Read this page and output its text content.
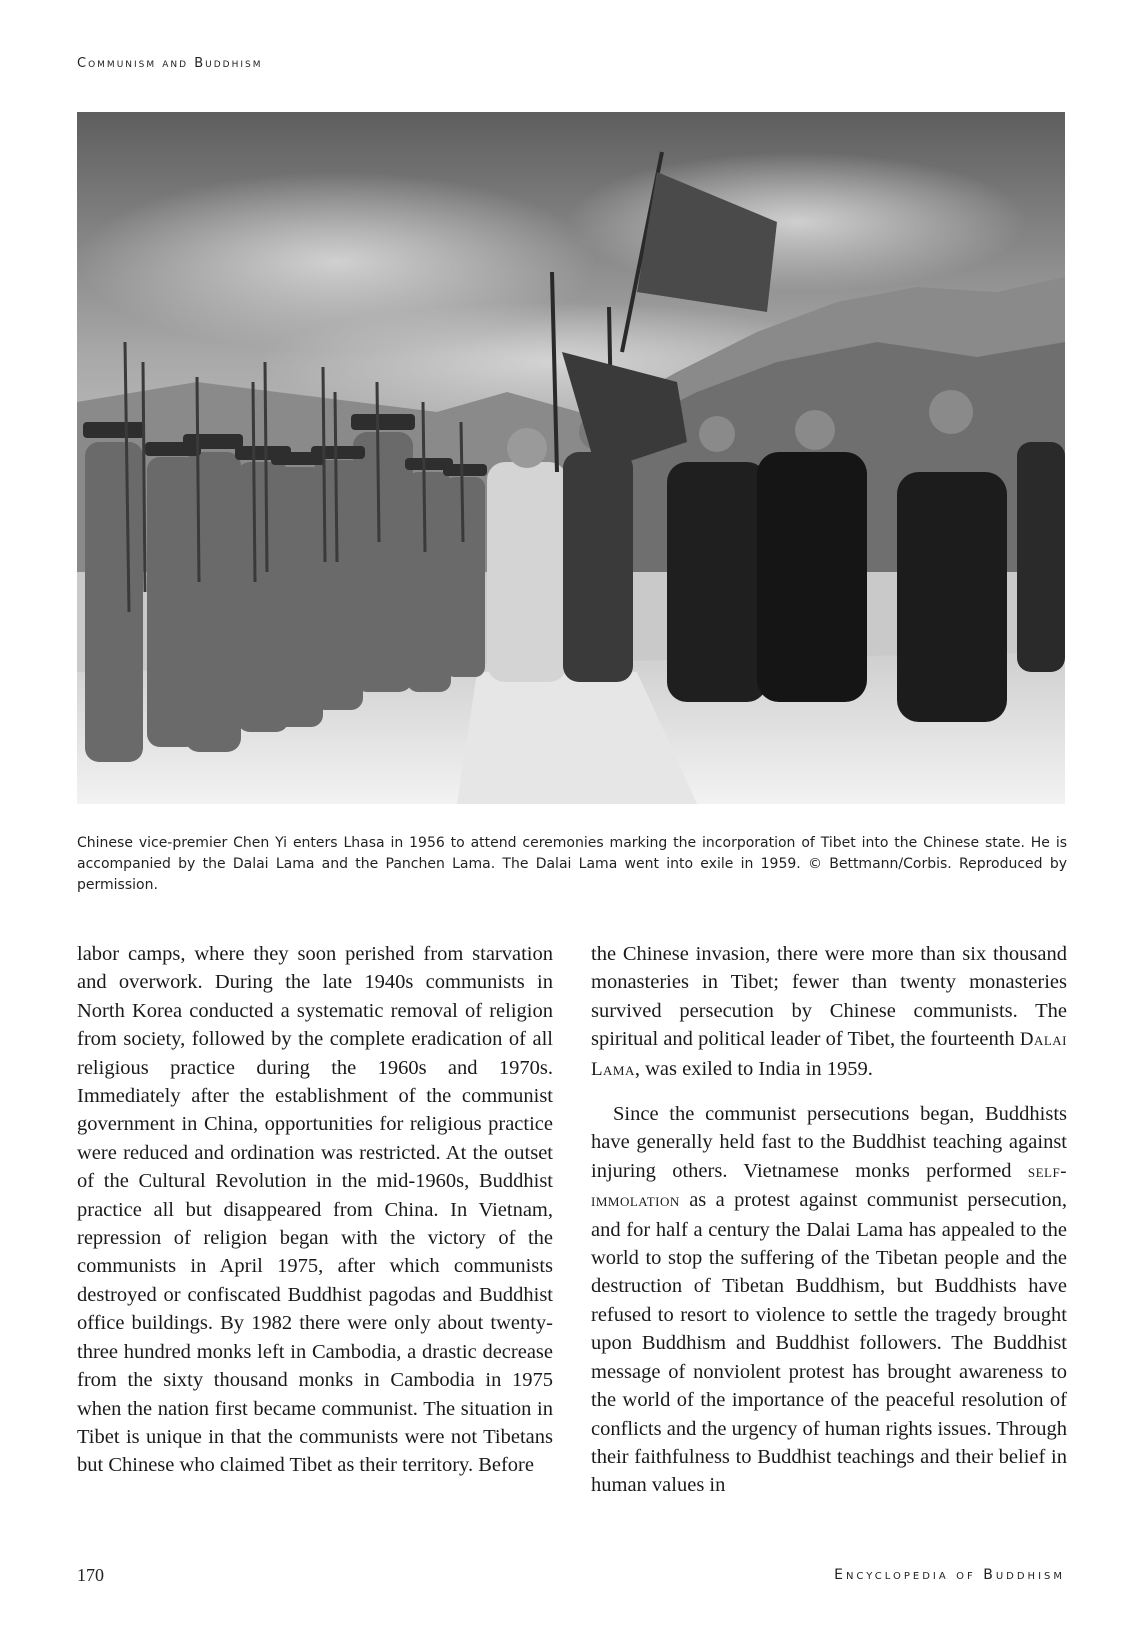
Communism and Buddhism
Chinese vice-premier Chen Yi enters Lhasa in 1956 to attend ceremonies marking the incorporation of Tibet into the Chinese state. He is accompanied by the Dalai Lama and the Panchen Lama. The Dalai Lama went into exile in 1959. © Bettmann/Corbis. Reproduced by permission.

labor camps, where they soon perished from starvation and overwork. During the late 1940s communists in North Korea conducted a systematic removal of religion from society, followed by the complete eradication of all religious practice during the 1960s and 1970s. Immediately after the establishment of the communist government in China, opportunities for religious practice were reduced and ordination was restricted. At the outset of the Cultural Revolution in the mid-1960s, Buddhist practice all but disappeared from China. In Vietnam, repression of religion began with the victory of the communists in April 1975, after which communists destroyed or confiscated Buddhist pagodas and Buddhist office buildings. By 1982 there were only about twenty-three hundred monks left in Cambodia, a drastic decrease from the sixty thousand monks in Cambodia in 1975 when the nation first became communist. The situation in Tibet is unique in that the communists were not Tibetans but Chinese who claimed Tibet as their territory. Before

the Chinese invasion, there were more than six thousand monasteries in Tibet; fewer than twenty monasteries survived persecution by Chinese communists. The spiritual and political leader of Tibet, the fourteenth Dalai Lama, was exiled to India in 1959.

Since the communist persecutions began, Buddhists have generally held fast to the Buddhist teaching against injuring others. Vietnamese monks performed self-immolation as a protest against communist persecution, and for half a century the Dalai Lama has appealed to the world to stop the suffering of the Tibetan people and the destruction of Tibetan Buddhism, but Buddhists have refused to resort to violence to settle the tragedy brought upon Buddhism and Buddhist followers. The Buddhist message of nonviolent protest has brought awareness to the world of the importance of the peaceful resolution of conflicts and the urgency of human rights issues. Through their faithfulness to Buddhist teachings and their belief in human values in

170	Encyclopedia of Buddhism
